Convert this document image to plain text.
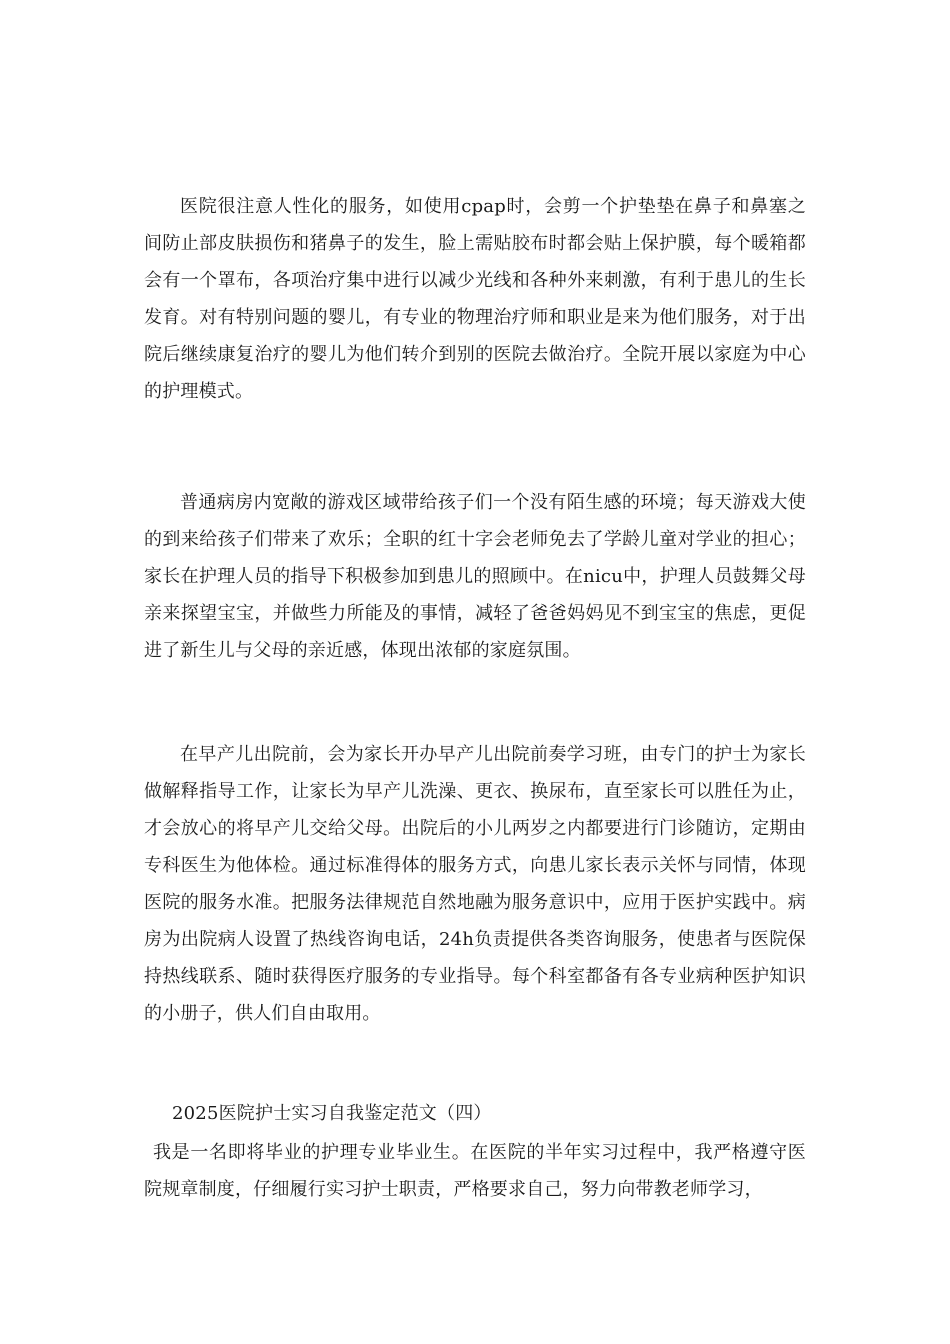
医院很注意人性化的服务，如使用cpap时，会剪一个护垫垫在鼻子和鼻塞之间防止部皮肤损伤和猪鼻子的发生，脸上需贴胶布时都会贴上保护膜，每个暖箱都会有一个罩布，各项治疗集中进行以减少光线和各种外来刺激，有利于患儿的生长发育。对有特别问题的婴儿，有专业的物理治疗师和职业是来为他们服务，对于出院后继续康复治疗的婴儿为他们转介到别的医院去做治疗。全院开展以家庭为中心的护理模式。

普通病房内宽敞的游戏区域带给孩子们一个没有陌生感的环境；每天游戏大使的到来给孩子们带来了欢乐；全职的红十字会老师免去了学龄儿童对学业的担心；家长在护理人员的指导下积极参加到患儿的照顾中。在nicu中，护理人员鼓舞父母亲来探望宝宝，并做些力所能及的事情，减轻了爸爸妈妈见不到宝宝的焦虑，更促进了新生儿与父母的亲近感，体现出浓郁的家庭氛围。

在早产儿出院前，会为家长开办早产儿出院前奏学习班，由专门的护士为家长做解释指导工作，让家长为早产儿洗澡、更衣、换尿布，直至家长可以胜任为止，才会放心的将早产儿交给父母。出院后的小儿两岁之内都要进行门诊随访，定期由专科医生为他体检。通过标准得体的服务方式，向患儿家长表示关怀与同情，体现医院的服务水准。把服务法律规范自然地融为服务意识中，应用于医护实践中。病房为出院病人设置了热线咨询电话，24h负责提供各类咨询服务，使患者与医院保持热线联系、随时获得医疗服务的专业指导。每个科室都备有各专业病种医护知识的小册子，供人们自由取用。

2025医院护士实习自我鉴定范文（四）

我是一名即将毕业的护理专业毕业生。在医院的半年实习过程中，我严格遵守医院规章制度，仔细履行实习护士职责，严格要求自己，努力向带教老师学习，
